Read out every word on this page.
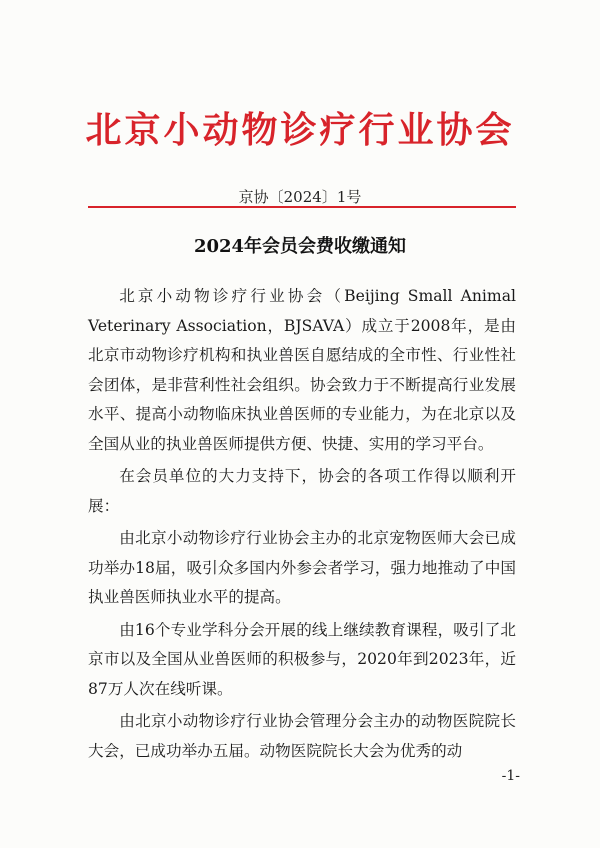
北京小动物诊疗行业协会
京协〔2024〕1号
2024年会员会费收缴通知

北京小动物诊疗行业协会（Beijing Small Animal Veterinary Association，BJSAVA）成立于2008年，是由北京市动物诊疗机构和执业兽医自愿结成的全市性、行业性社会团体，是非营利性社会组织。协会致力于不断提高行业发展水平、提高小动物临床执业兽医师的专业能力，为在北京以及全国从业的执业兽医师提供方便、快捷、实用的学习平台。

在会员单位的大力支持下，协会的各项工作得以顺利开展：

由北京小动物诊疗行业协会主办的北京宠物医师大会已成功举办18届，吸引众多国内外参会者学习，强力地推动了中国执业兽医师执业水平的提高。

由16个专业学科分会开展的线上继续教育课程，吸引了北京市以及全国从业兽医师的积极参与，2020年到2023年，近87万人次在线听课。

由北京小动物诊疗行业协会管理分会主办的动物医院院长大会，已成功举办五届。动物医院院长大会为优秀的动

-1-
